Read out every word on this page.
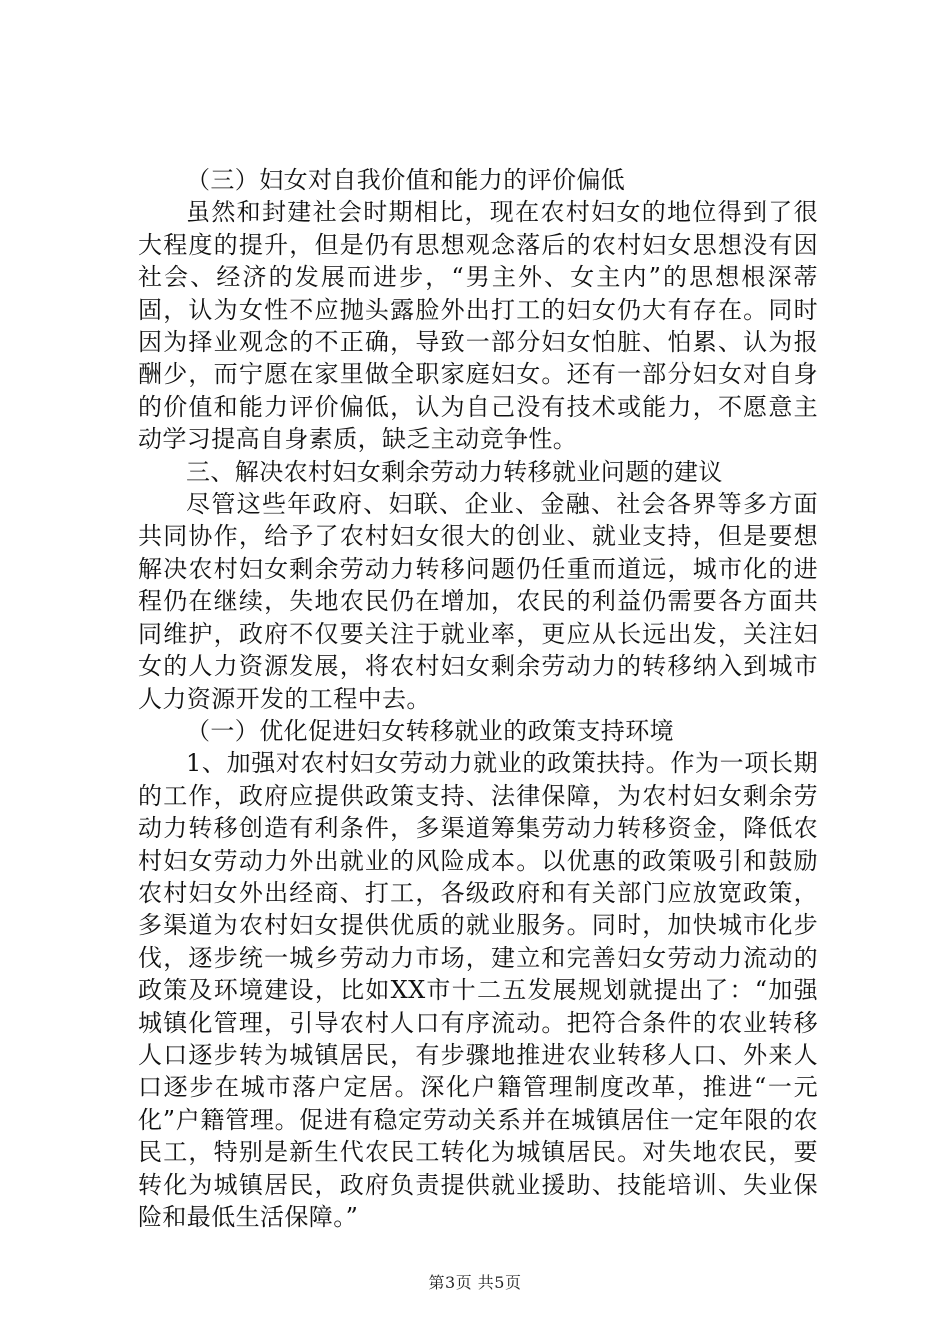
（三）妇女对自我价值和能力的评价偏低

虽然和封建社会时期相比，现在农村妇女的地位得到了很大程度的提升，但是仍有思想观念落后的农村妇女思想没有因社会、经济的发展而进步，“男主外、女主内”的思想根深蒂固，认为女性不应抛头露脸外出打工的妇女仍大有存在。同时因为择业观念的不正确，导致一部分妇女怕脏、怕累、认为报酬少，而宁愿在家里做全职家庭妇女。还有一部分妇女对自身的价值和能力评价偏低，认为自己没有技术或能力，不愿意主动学习提高自身素质，缺乏主动竞争性。

三、解决农村妇女剩余劳动力转移就业问题的建议

尽管这些年政府、妇联、企业、金融、社会各界等多方面共同协作，给予了农村妇女很大的创业、就业支持，但是要想解决农村妇女剩余劳动力转移问题仍任重而道远，城市化的进程仍在继续，失地农民仍在增加，农民的利益仍需要各方面共同维护，政府不仅要关注于就业率，更应从长远出发，关注妇女的人力资源发展，将农村妇女剩余劳动力的转移纳入到城市人力资源开发的工程中去。

（一）优化促进妇女转移就业的政策支持环境

1、加强对农村妇女劳动力就业的政策扶持。作为一项长期的工作，政府应提供政策支持、法律保障，为农村妇女剩余劳动力转移创造有利条件，多渠道筹集劳动力转移资金，降低农村妇女劳动力外出就业的风险成本。以优惠的政策吸引和鼓励农村妇女外出经商、打工，各级政府和有关部门应放宽政策，多渠道为农村妇女提供优质的就业服务。同时，加快城市化步伐，逐步统一城乡劳动力市场，建立和完善妇女劳动力流动的政策及环境建设，比如XX市十二五发展规划就提出了：“加强城镇化管理，引导农村人口有序流动。把符合条件的农业转移人口逐步转为城镇居民，有步骤地推进农业转移人口、外来人口逐步在城市落户定居。深化户籍管理制度改革，推进“一元化”户籍管理。促进有稳定劳动关系并在城镇居住一定年限的农民工，特别是新生代农民工转化为城镇居民。对失地农民，要转化为城镇居民，政府负责提供就业援助、技能培训、失业保险和最低生活保障。”

第3页 共5页
